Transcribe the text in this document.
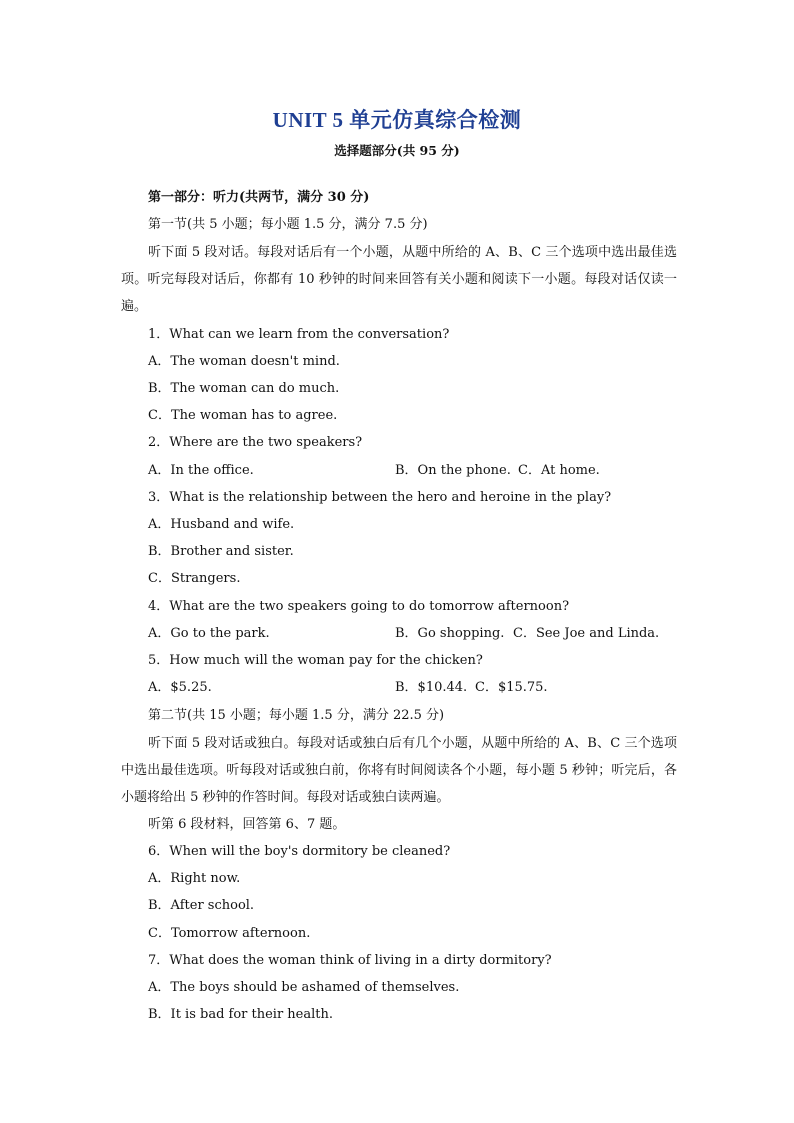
UNIT 5 单元仿真综合检测
选择题部分(共 95 分)
第一部分：听力(共两节，满分 30 分)
第一节(共 5 小题；每小题 1.5 分，满分 7.5 分)
听下面 5 段对话。每段对话后有一个小题，从题中所给的 A、B、C 三个选项中选出最佳选项。听完每段对话后，你都有 10 秒钟的时间来回答有关小题和阅读下一小题。每段对话仅读一遍。
1．What can we learn from the conversation?
A．The woman doesn't mind.
B．The woman can do much.
C．The woman has to agree.
2．Where are the two speakers?
A．In the office.	B．On the phone. C．At home.
3．What is the relationship between the hero and heroine in the play?
A．Husband and wife.
B．Brother and sister.
C．Strangers.
4．What are the two speakers going to do tomorrow afternoon?
A．Go to the park.	B．Go shopping. C．See Joe and Linda.
5．How much will the woman pay for the chicken?
A．$5.25.	B．$10.44. C．$15.75.
第二节(共 15 小题；每小题 1.5 分，满分 22.5 分)
听下面 5 段对话或独白。每段对话或独白后有几个小题，从题中所给的 A、B、C 三个选项中选出最佳选项。听每段对话或独白前，你将有时间阅读各个小题，每小题 5 秒钟；听完后，各小题将给出 5 秒钟的作答时间。每段对话或独白读两遍。
听第 6 段材料，回答第 6、7 题。
6．When will the boy's dormitory be cleaned?
A．Right now.
B．After school.
C．Tomorrow afternoon.
7．What does the woman think of living in a dirty dormitory?
A．The boys should be ashamed of themselves.
B．It is bad for their health.
